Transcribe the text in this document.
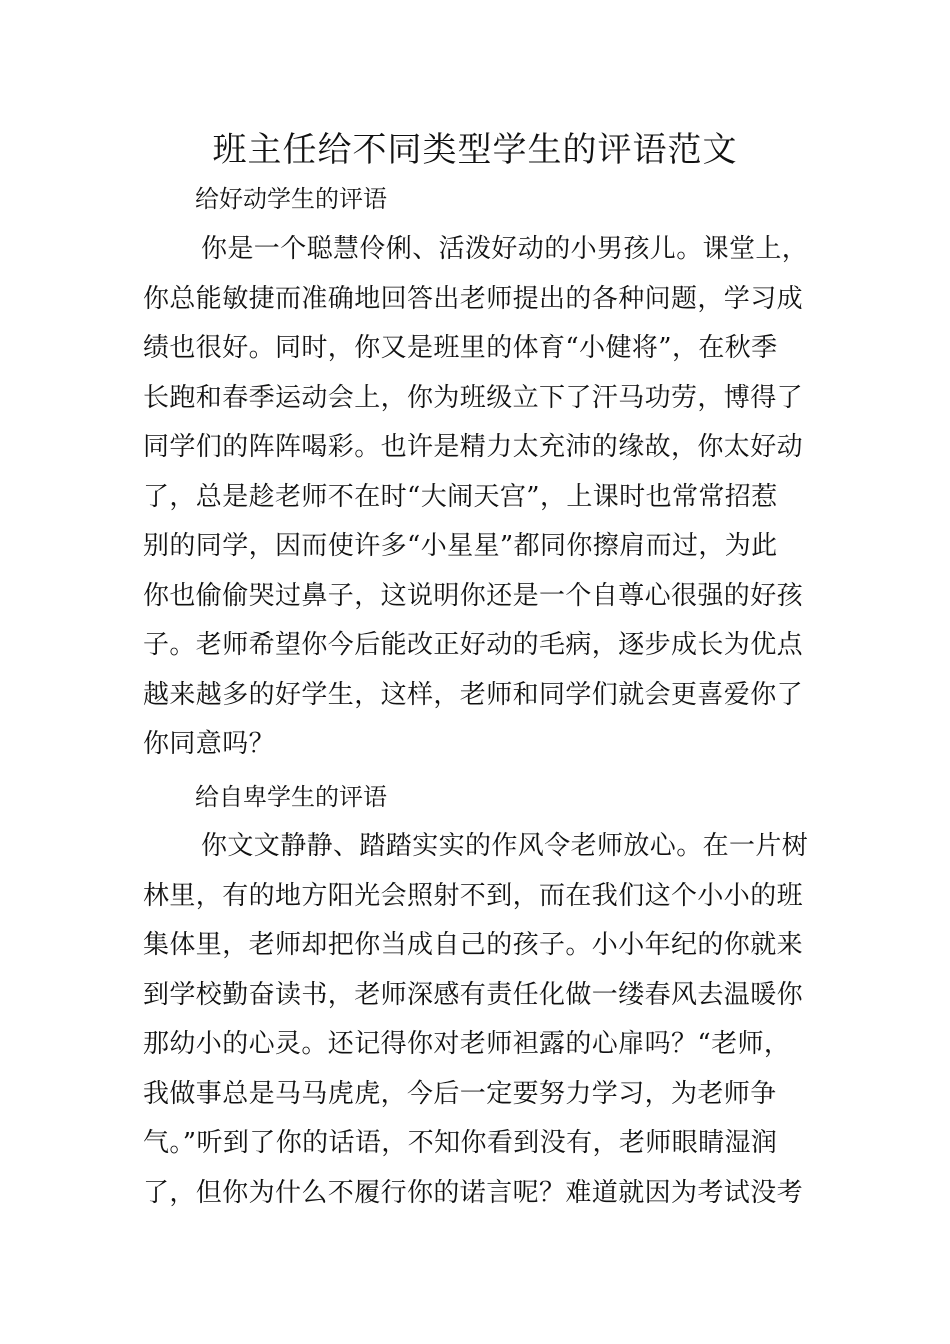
班主任给不同类型学生的评语范文
给好动学生的评语
你是一个聪慧伶俐、活泼好动的小男孩儿。课堂上，
你总能敏捷而准确地回答出老师提出的各种问题，学习成
绩也很好。同时，你又是班里的体育“小健将”，在秋季
长跑和春季运动会上，你为班级立下了汗马功劳，博得了
同学们的阵阵喝彩。也许是精力太充沛的缘故，你太好动
了，总是趁老师不在时“大闹天宫”，上课时也常常招惹
别的同学，因而使许多“小星星”都同你擦肩而过，为此
你也偷偷哭过鼻子，这说明你还是一个自尊心很强的好孩
子。老师希望你今后能改正好动的毛病，逐步成长为优点
越来越多的好学生，这样，老师和同学们就会更喜爱你了
你同意吗？
给自卑学生的评语
你文文静静、踏踏实实的作风令老师放心。在一片树
林里，有的地方阳光会照射不到，而在我们这个小小的班
集体里，老师却把你当成自己的孩子。小小年纪的你就来
到学校勤奋读书，老师深感有责任化做一缕春风去温暖你
那幼小的心灵。还记得你对老师袒露的心扉吗？“老师，
我做事总是马马虎虎，今后一定要努力学习，为老师争
气。”听到了你的话语，不知你看到没有，老师眼睛湿润
了，但你为什么不履行你的诺言呢？难道就因为考试没考
